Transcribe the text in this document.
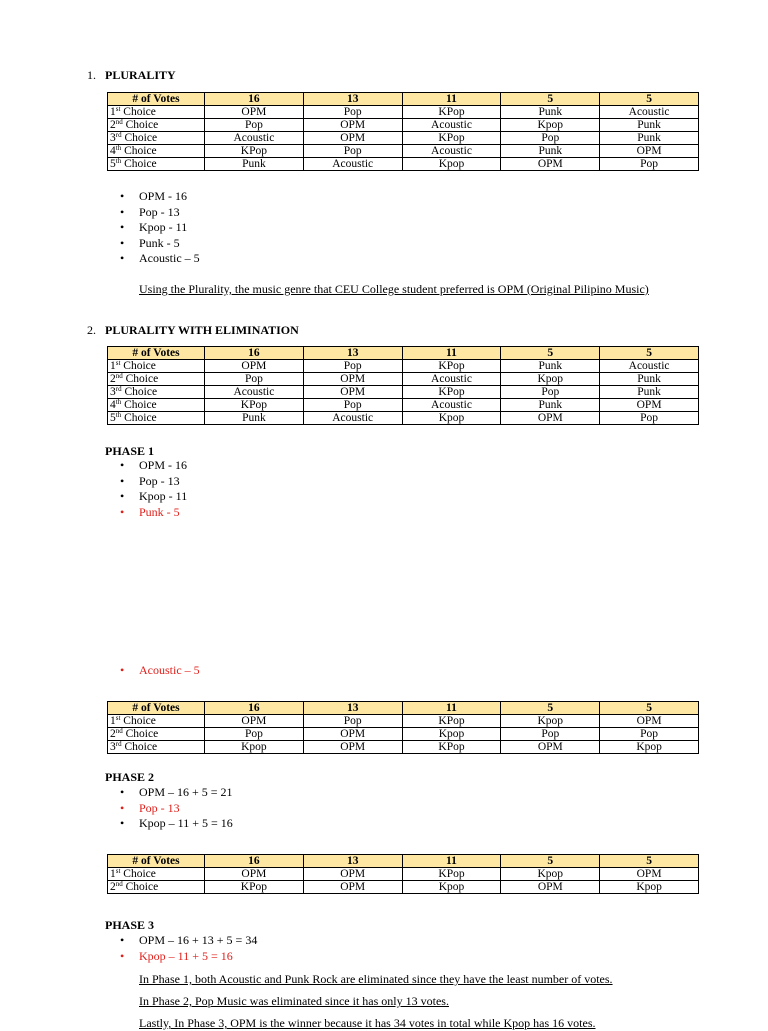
1. PLURALITY
# of Votes	16	13	11	5	5
1st Choice	OPM	Pop	KPop	Punk	Acoustic
2nd Choice	Pop	OPM	Acoustic	Kpop	Punk
3rd Choice	Acoustic	OPM	KPop	Pop	Punk
4th Choice	KPop	Pop	Acoustic	Punk	OPM
5th Choice	Punk	Acoustic	Kpop	OPM	Pop
• OPM - 16
• Pop - 13
• Kpop - 11
• Punk - 5
• Acoustic – 5
Using the Plurality, the music genre that CEU College student preferred is OPM (Original Pilipino Music)
2. PLURALITY WITH ELIMINATION
# of Votes	16	13	11	5	5
1st Choice	OPM	Pop	KPop	Punk	Acoustic
2nd Choice	Pop	OPM	Acoustic	Kpop	Punk
3rd Choice	Acoustic	OPM	KPop	Pop	Punk
4th Choice	KPop	Pop	Acoustic	Punk	OPM
5th Choice	Punk	Acoustic	Kpop	OPM	Pop
PHASE 1
• OPM - 16
• Pop - 13
• Kpop - 11
• Punk - 5
• Acoustic – 5
# of Votes	16	13	11	5	5
1st Choice	OPM	Pop	KPop	Kpop	OPM
2nd Choice	Pop	OPM	Kpop	Pop	Pop
3rd Choice	Kpop	OPM	KPop	OPM	Kpop
PHASE 2
• OPM – 16 + 5 = 21
• Pop - 13
• Kpop – 11 + 5 = 16
# of Votes	16	13	11	5	5
1st Choice	OPM	OPM	KPop	Kpop	OPM
2nd Choice	KPop	OPM	Kpop	OPM	Kpop
PHASE 3
• OPM – 16 + 13 + 5 = 34
• Kpop – 11 + 5 = 16
In Phase 1, both Acoustic and Punk Rock are eliminated since they have the least number of votes.
In Phase 2, Pop Music was eliminated since it has only 13 votes.
Lastly, In Phase 3, OPM is the winner because it has 34 votes in total while Kpop has 16 votes.
